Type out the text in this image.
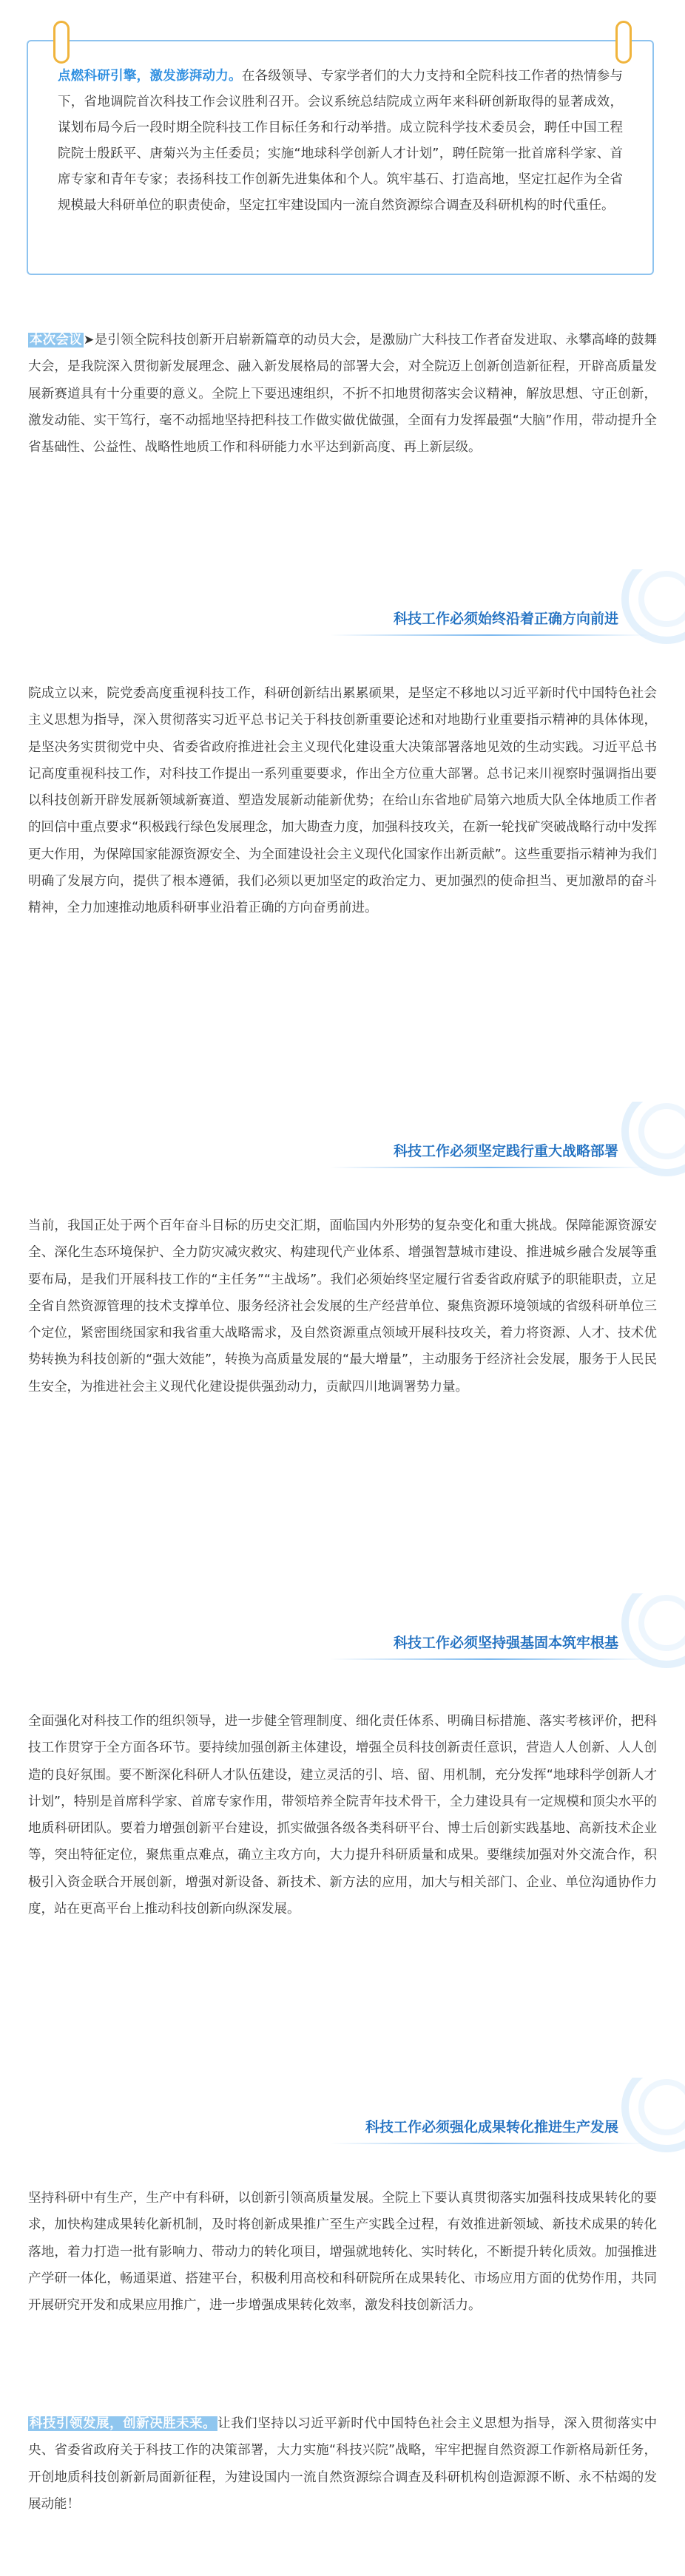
点燃科研引擎，激发澎湃动力。在各级领导、专家学者们的大力支持和全院科技工作者的热情参与下，省地调院首次科技工作会议胜利召开。会议系统总结院成立两年来科研创新取得的显著成效，谋划布局今后一段时期全院科技工作目标任务和行动举措。成立院科学技术委员会，聘任中国工程院院士殷跃平、唐菊兴为主任委员；实施“地球科学创新人才计划”，聘任院第一批首席科学家、首席专家和青年专家；表扬科技工作创新先进集体和个人。筑牢基石、打造高地，坚定扛起作为全省规模最大科研单位的职责使命，坚定扛牢建设国内一流自然资源综合调查及科研机构的时代重任。
本次会议 ➤是引领全院科技创新开启崭新篇章的动员大会，是激励广大科技工作者奋发进取、永攀高峰的鼓舞大会，是我院深入贯彻新发展理念、融入新发展格局的部署大会，对全院迈上创新创造新征程，开辟高质量发展新赛道具有十分重要的意义。全院上下要迅速组织，不折不扣地贯彻落实会议精神，解放思想、守正创新，激发动能、实干笃行，毫不动摇地坚持把科技工作做实做优做强，全面有力发挥最强“大脑”作用，带动提升全省基础性、公益性、战略性地质工作和科研能力水平达到新高度、再上新层级。
科技工作必须始终沿着正确方向前进
院成立以来，院党委高度重视科技工作，科研创新结出累累硕果，是坚定不移地以习近平新时代中国特色社会主义思想为指导，深入贯彻落实习近平总书记关于科技创新重要论述和对地勘行业重要指示精神的具体体现，是坚决务实贯彻党中央、省委省政府推进社会主义现代化建设重大决策部署落地见效的生动实践。习近平总书记高度重视科技工作，对科技工作提出一系列重要要求，作出全方位重大部署。总书记来川视察时强调指出要以科技创新开辟发展新领域新赛道、塑造发展新动能新优势；在给山东省地矿局第六地质大队全体地质工作者的回信中重点要求“积极践行绿色发展理念，加大勘查力度，加强科技攻关，在新一轮找矿突破战略行动中发挥更大作用，为保障国家能源资源安全、为全面建设社会主义现代化国家作出新贡献”。这些重要指示精神为我们明确了发展方向，提供了根本遵循，我们必须以更加坚定的政治定力、更加强烈的使命担当、更加激昂的奋斗精神，全力加速推动地质科研事业沿着正确的方向奋勇前进。
科技工作必须坚定践行重大战略部署
当前，我国正处于两个百年奋斗目标的历史交汇期，面临国内外形势的复杂变化和重大挑战。保障能源资源安全、深化生态环境保护、全力防灾减灾救灾、构建现代产业体系、增强智慧城市建设、推进城乡融合发展等重要布局，是我们开展科技工作的“主任务”“主战场”。我们必须始终坚定履行省委省政府赋予的职能职责，立足全省自然资源管理的技术支撑单位、服务经济社会发展的生产经营单位、聚焦资源环境领域的省级科研单位三个定位，紧密围绕国家和我省重大战略需求，及自然资源重点领域开展科技攻关，着力将资源、人才、技术优势转换为科技创新的“强大效能”，转换为高质量发展的“最大增量”，主动服务于经济社会发展，服务于人民民生安全，为推进社会主义现代化建设提供强劲动力，贡献四川地调署势力量。
科技工作必须坚持强基固本筑牢根基
全面强化对科技工作的组织领导，进一步健全管理制度、细化责任体系、明确目标措施、落实考核评价，把科技工作贯穿于全方面各环节。要持续加强创新主体建设，增强全员科技创新责任意识，营造人人创新、人人创造的良好氛围。要不断深化科研人才队伍建设，建立灵活的引、培、留、用机制，充分发挥“地球科学创新人才计划”，特别是首席科学家、首席专家作用，带领培养全院青年技术骨干，全力建设具有一定规模和顶尖水平的地质科研团队。要着力增强创新平台建设，抓实做强各级各类科研平台、博士后创新实践基地、高新技术企业等，突出特征定位，聚焦重点难点，确立主攻方向，大力提升科研质量和成果。要继续加强对外交流合作，积极引入资金联合开展创新，增强对新设备、新技术、新方法的应用，加大与相关部门、企业、单位沟通协作力度，站在更高平台上推动科技创新向纵深发展。
科技工作必须强化成果转化推进生产发展
坚持科研中有生产，生产中有科研，以创新引领高质量发展。全院上下要认真贯彻落实加强科技成果转化的要求，加快构建成果转化新机制，及时将创新成果推广至生产实践全过程，有效推进新领域、新技术成果的转化落地，着力打造一批有影响力、带动力的转化项目，增强就地转化、实时转化，不断提升转化质效。加强推进产学研一体化，畅通渠道、搭建平台，积极利用高校和科研院所在成果转化、市场应用方面的优势作用，共同开展研究开发和成果应用推广，进一步增强成果转化效率，激发科技创新活力。
科技引领发展，创新决胜未来。 让我们坚持以习近平新时代中国特色社会主义思想为指导，深入贯彻落实中央、省委省政府关于科技工作的决策部署，大力实施“科技兴院”战略，牢牢把握自然资源工作新格局新任务，开创地质科技创新新局面新征程，为建设国内一流自然资源综合调查及科研机构创造源源不断、永不枯竭的发展动能！
